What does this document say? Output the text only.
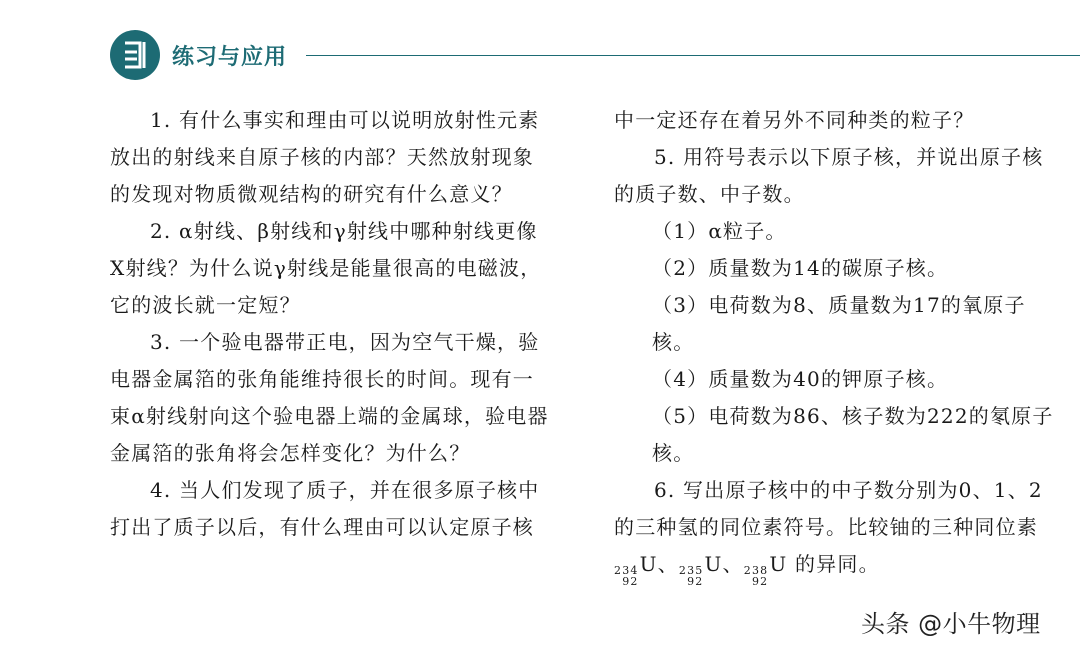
练习与应用

1. 有什么事实和理由可以说明放射性元素放出的射线来自原子核的内部？天然放射现象的发现对物质微观结构的研究有什么意义？

2. α射线、β射线和γ射线中哪种射线更像X射线？为什么说γ射线是能量很高的电磁波，它的波长就一定短？

3. 一个验电器带正电，因为空气干燥，验电器金属箔的张角能维持很长的时间。现有一束α射线射向这个验电器上端的金属球，验电器金属箔的张角将会怎样变化？为什么？

4. 当人们发现了质子，并在很多原子核中打出了质子以后，有什么理由可以认定原子核

中一定还存在着另外不同种类的粒子？

5. 用符号表示以下原子核，并说出原子核的质子数、中子数。

（1）α粒子。

（2）质量数为14的碳原子核。

（3）电荷数为8、质量数为17的氧原子核。

（4）质量数为40的钾原子核。

（5）电荷数为86、核子数为222的氡原子核。

6. 写出原子核中的中子数分别为0、1、2的三种氢的同位素符号。比较铀的三种同位素

234
92
U、 235
92
U、 238
92
U 的异同。

头条 @小牛物理
